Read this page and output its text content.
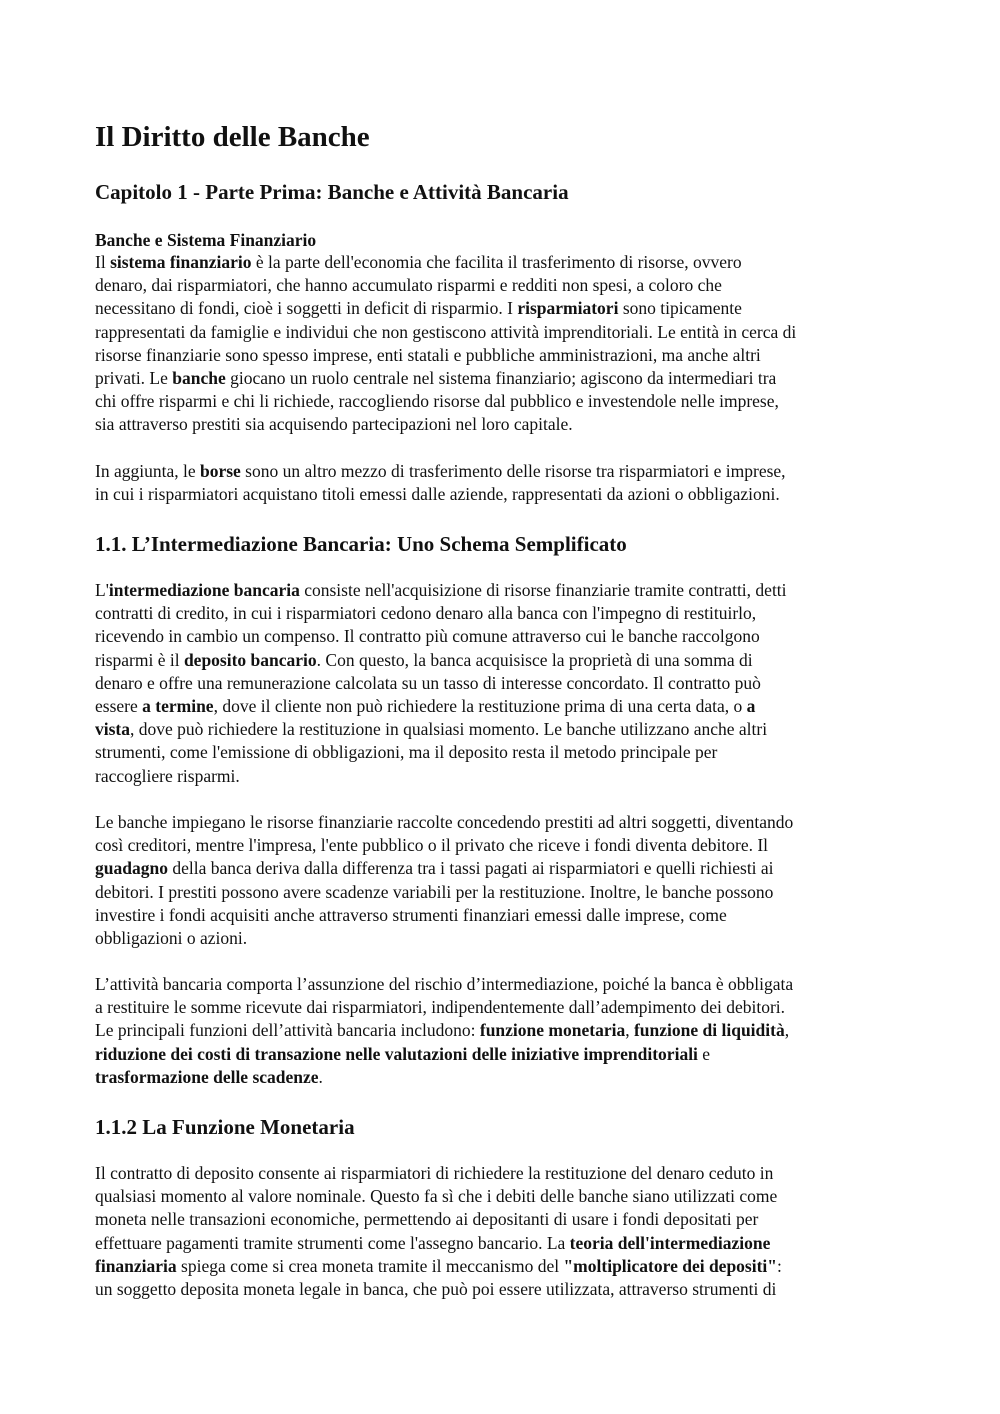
Il Diritto delle Banche
Capitolo 1 - Parte Prima: Banche e Attività Bancaria
Banche e Sistema Finanziario
Il sistema finanziario è la parte dell'economia che facilita il trasferimento di risorse, ovvero
denaro, dai risparmiatori, che hanno accumulato risparmi e redditi non spesi, a coloro che
necessitano di fondi, cioè i soggetti in deficit di risparmio. I risparmiatori sono tipicamente
rappresentati da famiglie e individui che non gestiscono attività imprenditoriali. Le entità in cerca di
risorse finanziarie sono spesso imprese, enti statali e pubbliche amministrazioni, ma anche altri
privati. Le banche giocano un ruolo centrale nel sistema finanziario; agiscono da intermediari tra
chi offre risparmi e chi li richiede, raccogliendo risorse dal pubblico e investendole nelle imprese,
sia attraverso prestiti sia acquisendo partecipazioni nel loro capitale.
In aggiunta, le borse sono un altro mezzo di trasferimento delle risorse tra risparmiatori e imprese,
in cui i risparmiatori acquistano titoli emessi dalle aziende, rappresentati da azioni o obbligazioni.
1.1. L’Intermediazione Bancaria: Uno Schema Semplificato
L'intermediazione bancaria consiste nell'acquisizione di risorse finanziarie tramite contratti, detti
contratti di credito, in cui i risparmiatori cedono denaro alla banca con l'impegno di restituirlo,
ricevendo in cambio un compenso. Il contratto più comune attraverso cui le banche raccolgono
risparmi è il deposito bancario. Con questo, la banca acquisisce la proprietà di una somma di
denaro e offre una remunerazione calcolata su un tasso di interesse concordato. Il contratto può
essere a termine, dove il cliente non può richiedere la restituzione prima di una certa data, o a
vista, dove può richiedere la restituzione in qualsiasi momento. Le banche utilizzano anche altri
strumenti, come l'emissione di obbligazioni, ma il deposito resta il metodo principale per
raccogliere risparmi.
Le banche impiegano le risorse finanziarie raccolte concedendo prestiti ad altri soggetti, diventando
così creditori, mentre l'impresa, l'ente pubblico o il privato che riceve i fondi diventa debitore. Il
guadagno della banca deriva dalla differenza tra i tassi pagati ai risparmiatori e quelli richiesti ai
debitori. I prestiti possono avere scadenze variabili per la restituzione. Inoltre, le banche possono
investire i fondi acquisiti anche attraverso strumenti finanziari emessi dalle imprese, come
obbligazioni o azioni.
L’attività bancaria comporta l’assunzione del rischio d’intermediazione, poiché la banca è obbligata
a restituire le somme ricevute dai risparmiatori, indipendentemente dall’adempimento dei debitori.
Le principali funzioni dell’attività bancaria includono: funzione monetaria, funzione di liquidità,
riduzione dei costi di transazione nelle valutazioni delle iniziative imprenditoriali e
trasformazione delle scadenze.
1.1.2 La Funzione Monetaria
Il contratto di deposito consente ai risparmiatori di richiedere la restituzione del denaro ceduto in
qualsiasi momento al valore nominale. Questo fa sì che i debiti delle banche siano utilizzati come
moneta nelle transazioni economiche, permettendo ai depositanti di usare i fondi depositati per
effettuare pagamenti tramite strumenti come l'assegno bancario. La teoria dell'intermediazione
finanziaria spiega come si crea moneta tramite il meccanismo del "moltiplicatore dei depositi":
un soggetto deposita moneta legale in banca, che può poi essere utilizzata, attraverso strumenti di
